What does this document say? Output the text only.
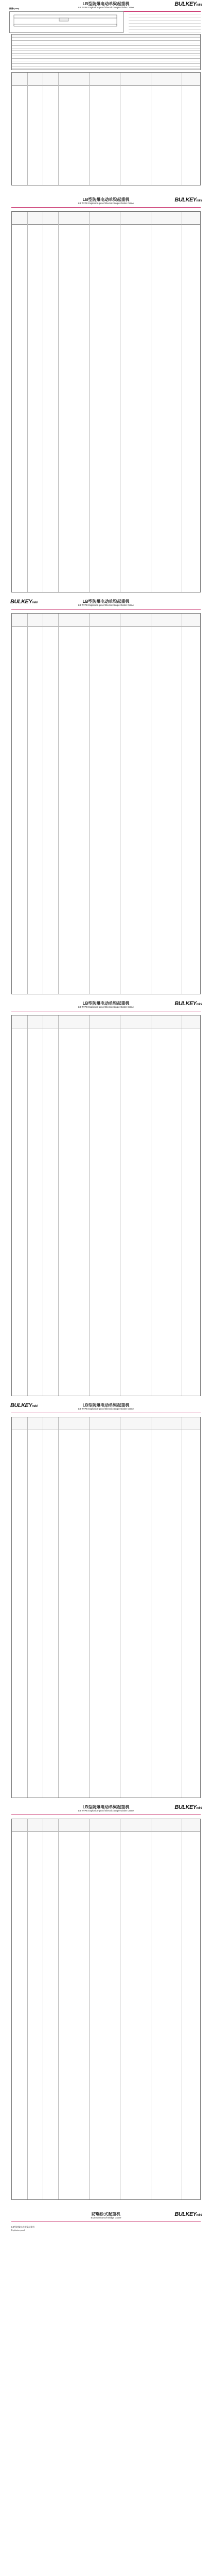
LB型防爆电动单梁起重机
LB TYPE Explosion-proof Electric Single Girder Crane
BULKEYmini
规格/(size)
LB型防爆电动单梁起重机
LB TYPE Explosion-proof Electric Single Girder Crane
BULKEYmini
LB型防爆电动单梁起重机
LB TYPE Explosion-proof Electric Single Girder Crane
BULKEYmini
LB型防爆电动单梁起重机
LB TYPE Explosion-proof Electric Single Girder Crane
BULKEYmini
LB型防爆电动单梁起重机
LB TYPE Explosion-proof Electric Single Girder Crane
BULKEYmini
LB型防爆电动单梁起重机
LB TYPE Explosion-proof Electric Single Girder Crane
BULKEYmini
防爆桥式起重机
Explosion-proof Bridge Crane
BULKEYmini
LB型防爆电动单梁起重机
Explosion-proof
